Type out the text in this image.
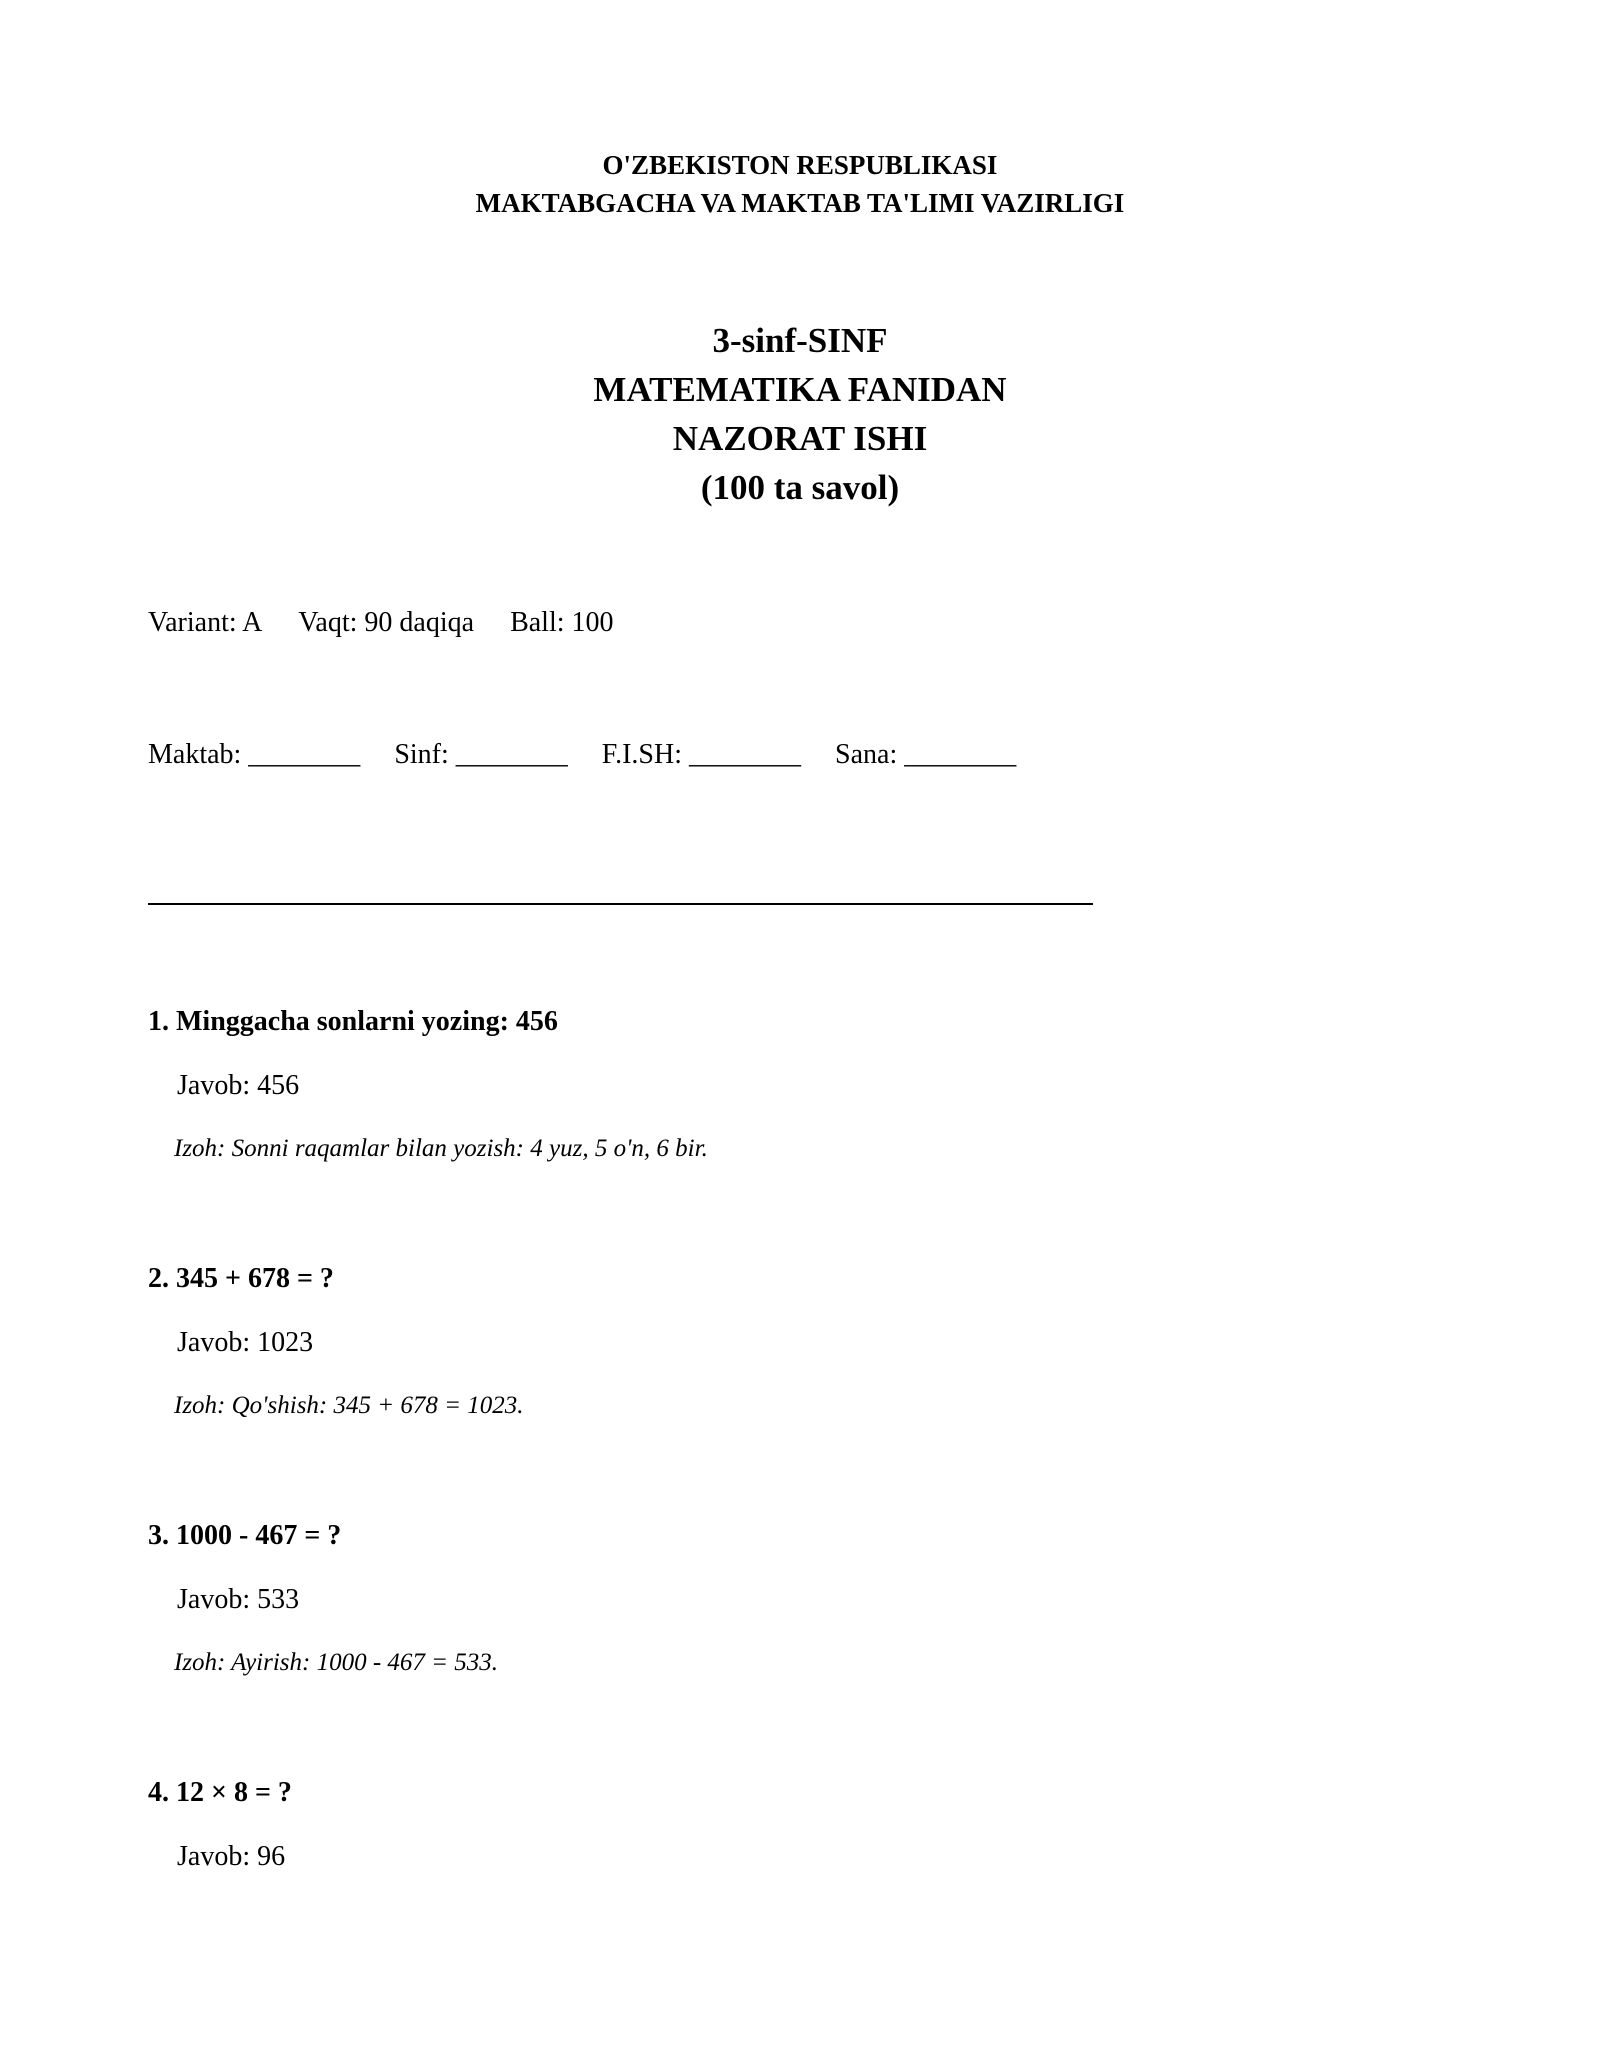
O'ZBEKISTON RESPUBLIKASI

MAKTABGACHA VA MAKTAB TA'LIMI VAZIRLIGI

3-sinf-SINF

MATEMATIKA FANIDAN

NAZORAT ISHI

(100 ta savol)

Variant: A Vaqt: 90 daqiqa Ball: 100
Maktab: ________ Sinf: ________ F.I.SH: ________ Sana: ________

1. Minggacha sonlarni yozing: 456

Javob: 456

Izoh: Sonni raqamlar bilan yozish: 4 yuz, 5 o'n, 6 bir.

2. 345 + 678 = ?

Javob: 1023

Izoh: Qo'shish: 345 + 678 = 1023.

3. 1000 - 467 = ?

Javob: 533

Izoh: Ayirish: 1000 - 467 = 533.

4. 12 × 8 = ?

Javob: 96
